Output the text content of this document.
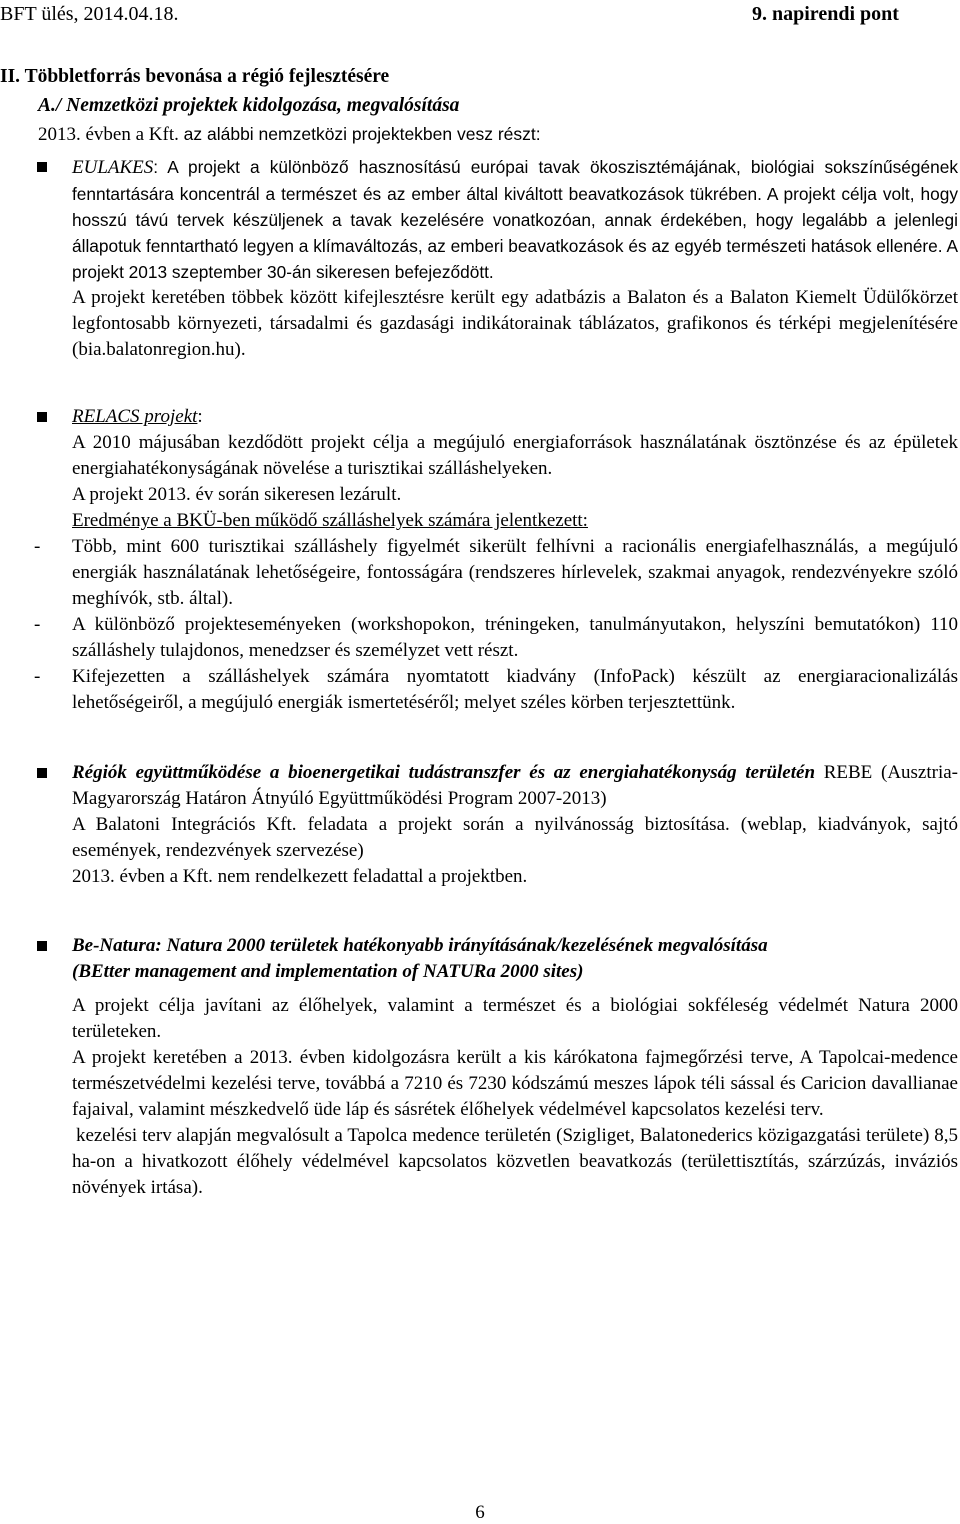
BFT ülés, 2014.04.18.	9. napirendi pont

II. Többletforrás bevonása a régió fejlesztésére

A./ Nemzetközi projektek kidolgozása, megvalósítása

2013. évben a Kft. az alábbi nemzetközi projektekben vesz részt:

EULAKES: A projekt a különböző hasznosítású európai tavak ökoszisztémájának, biológiai sokszínűségének fenntartására koncentrál a természet és az ember által kiváltott beavatkozások tükrében. A projekt célja volt, hogy hosszú távú tervek készüljenek a tavak kezelésére vonatkozóan, annak érdekében, hogy legalább a jelenlegi állapotuk fenntartható legyen a klímaváltozás, az emberi beavatkozások és az egyéb természeti hatások ellenére. A projekt 2013 szeptember 30-án sikeresen befejeződött.

A projekt keretében többek között kifejlesztésre került egy adatbázis a Balaton és a Balaton Kiemelt Üdülőkörzet legfontosabb környezeti, társadalmi és gazdasági indikátorainak táblázatos, grafikonos és térképi megjelenítésére (bia.balatonregion.hu).

RELACS projekt:

A 2010 májusában kezdődött projekt célja a megújuló energiaforrások használatának ösztönzése és az épületek energiahatékonyságának növelése a turisztikai szálláshelyeken.

A projekt 2013. év során sikeresen lezárult.

Eredménye a BKÜ-ben működő szálláshelyek számára jelentkezett:

- Több, mint 600 turisztikai szálláshely figyelmét sikerült felhívni a racionális energiafelhasználás, a megújuló energiák használatának lehetőségeire, fontosságára (rendszeres hírlevelek, szakmai anyagok, rendezvényekre szóló meghívók, stb. által).
- A különböző projekteseményeken (workshopokon, tréningeken, tanulmányutakon, helyszíni bemutatókon) 110 szálláshely tulajdonos, menedzser és személyzet vett részt.
- Kifejezetten a szálláshelyek számára nyomtatott kiadvány (InfoPack) készült az energiaracionalizálás lehetőségeiről, a megújuló energiák ismertetéséről; melyet széles körben terjesztettünk.

Régiók együttműködése a bioenergetikai tudástranszfer és az energiahatékonyság területén REBE (Ausztria-Magyarország Határon Átnyúló Együttműködési Program 2007-2013)

A Balatoni Integrációs Kft. feladata a projekt során a nyilvánosság biztosítása. (weblap, kiadványok, sajtó események, rendezvények szervezése)

2013. évben a Kft. nem rendelkezett feladattal a projektben.

Be-Natura: Natura 2000 területek hatékonyabb irányításának/kezelésének megvalósítása

(BEtter management and implementation of NATURa 2000 sites)

A projekt célja javítani az élőhelyek, valamint a természet és a biológiai sokféleség védelmét Natura 2000 területeken.

A projekt keretében a 2013. évben kidolgozásra került a kis kárókatona fajmegőrzési terve, A Tapolcai-medence természetvédelmi kezelési terve, továbbá a 7210 és 7230 kódszámú meszes lápok téli sással és Caricion davallianae fajaival, valamint mészkedvelő üde láp és sásrétek élőhelyek védelmével kapcsolatos kezelési terv.

kezelési terv alapján megvalósult a Tapolca medence területén (Szigliget, Balatonederics közigazgatási területe) 8,5 ha-on a hivatkozott élőhely védelmével kapcsolatos közvetlen beavatkozás (területtisztítás, szárzúzás, inváziós növények irtása).

6
